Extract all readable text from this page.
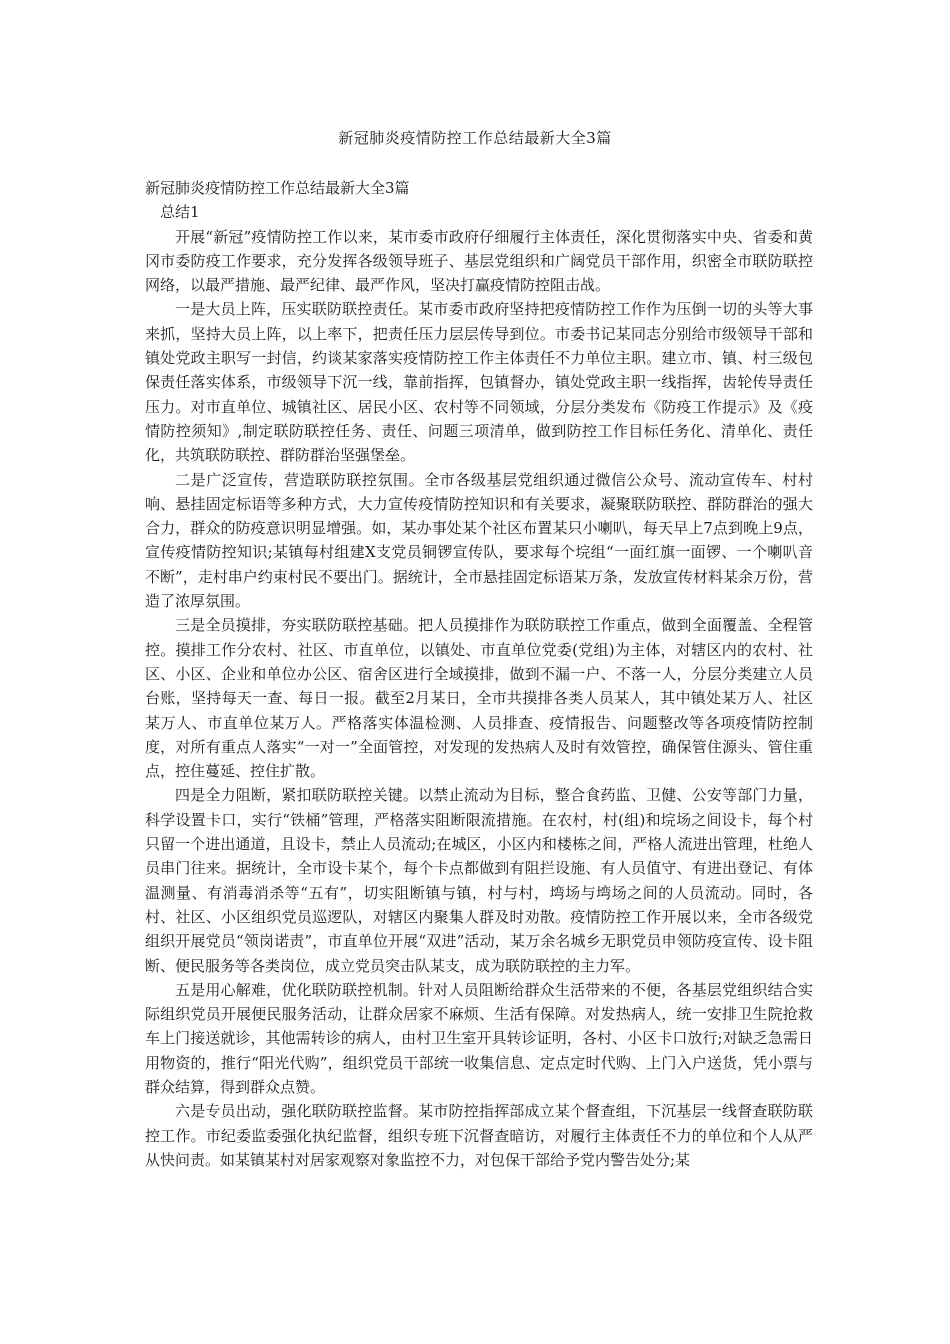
新冠肺炎疫情防控工作总结最新大全3篇

新冠肺炎疫情防控工作总结最新大全3篇

总结1

开展“新冠”疫情防控工作以来，某市委市政府仔细履行主体责任，深化贯彻落实中央、省委和黄冈市委防疫工作要求，充分发挥各级领导班子、基层党组织和广阔党员干部作用，织密全市联防联控网络，以最严措施、最严纪律、最严作风，坚决打赢疫情防控阻击战。

一是大员上阵，压实联防联控责任。某市委市政府坚持把疫情防控工作作为压倒一切的头等大事来抓，坚持大员上阵，以上率下，把责任压力层层传导到位。市委书记某同志分别给市级领导干部和镇处党政主职写一封信，约谈某家落实疫情防控工作主体责任不力单位主职。建立市、镇、村三级包保责任落实体系，市级领导下沉一线，靠前指挥，包镇督办，镇处党政主职一线指挥，齿轮传导责任压力。对市直单位、城镇社区、居民小区、农村等不同领域，分层分类发布《防疫工作提示》及《疫情防控须知》,制定联防联控任务、责任、问题三项清单，做到防控工作目标任务化、清单化、责任化，共筑联防联控、群防群治坚强堡垒。

二是广泛宣传，营造联防联控氛围。全市各级基层党组织通过微信公众号、流动宣传车、村村响、悬挂固定标语等多种方式，大力宣传疫情防控知识和有关要求，凝聚联防联控、群防群治的强大合力，群众的防疫意识明显增强。如，某办事处某个社区布置某只小喇叭，每天早上7点到晚上9点，宣传疫情防控知识;某镇每村组建X支党员铜锣宣传队，要求每个垸组“一面红旗一面锣、一个喇叭音不断”，走村串户约束村民不要出门。据统计，全市悬挂固定标语某万条，发放宣传材料某余万份，营造了浓厚氛围。

三是全员摸排，夯实联防联控基础。把人员摸排作为联防联控工作重点，做到全面覆盖、全程管控。摸排工作分农村、社区、市直单位，以镇处、市直单位党委(党组)为主体，对辖区内的农村、社区、小区、企业和单位办公区、宿舍区进行全域摸排，做到不漏一户、不落一人，分层分类建立人员台账，坚持每天一查、每日一报。截至2月某日，全市共摸排各类人员某人，其中镇处某万人、社区某万人、市直单位某万人。严格落实体温检测、人员排查、疫情报告、问题整改等各项疫情防控制度，对所有重点人落实“一对一”全面管控，对发现的发热病人及时有效管控，确保管住源头、管住重点，控住蔓延、控住扩散。

四是全力阻断，紧扣联防联控关键。以禁止流动为目标，整合食药监、卫健、公安等部门力量，科学设置卡口，实行“铁桶”管理，严格落实阻断限流措施。在农村，村(组)和垸场之间设卡，每个村只留一个进出通道，且设卡，禁止人员流动;在城区，小区内和楼栋之间，严格人流进出管理，杜绝人员串门往来。据统计，全市设卡某个，每个卡点都做到有阻拦设施、有人员值守、有进出登记、有体温测量、有消毒消杀等“五有”，切实阻断镇与镇，村与村，塆场与塆场之间的人员流动。同时，各村、社区、小区组织党员巡逻队，对辖区内聚集人群及时劝散。疫情防控工作开展以来，全市各级党组织开展党员“领岗诺责”，市直单位开展“双进”活动，某万余名城乡无职党员申领防疫宣传、设卡阻断、便民服务等各类岗位，成立党员突击队某支，成为联防联控的主力军。

五是用心解难，优化联防联控机制。针对人员阻断给群众生活带来的不便，各基层党组织结合实际组织党员开展便民服务活动，让群众居家不麻烦、生活有保障。对发热病人，统一安排卫生院抢救车上门接送就诊，其他需转诊的病人，由村卫生室开具转诊证明，各村、小区卡口放行;对缺乏急需日用物资的，推行“阳光代购”，组织党员干部统一收集信息、定点定时代购、上门入户送货，凭小票与群众结算，得到群众点赞。

六是专员出动，强化联防联控监督。某市防控指挥部成立某个督查组，下沉基层一线督查联防联控工作。市纪委监委强化执纪监督，组织专班下沉督查暗访，对履行主体责任不力的单位和个人从严从快问责。如某镇某村对居家观察对象监控不力，对包保干部给予党内警告处分;某
